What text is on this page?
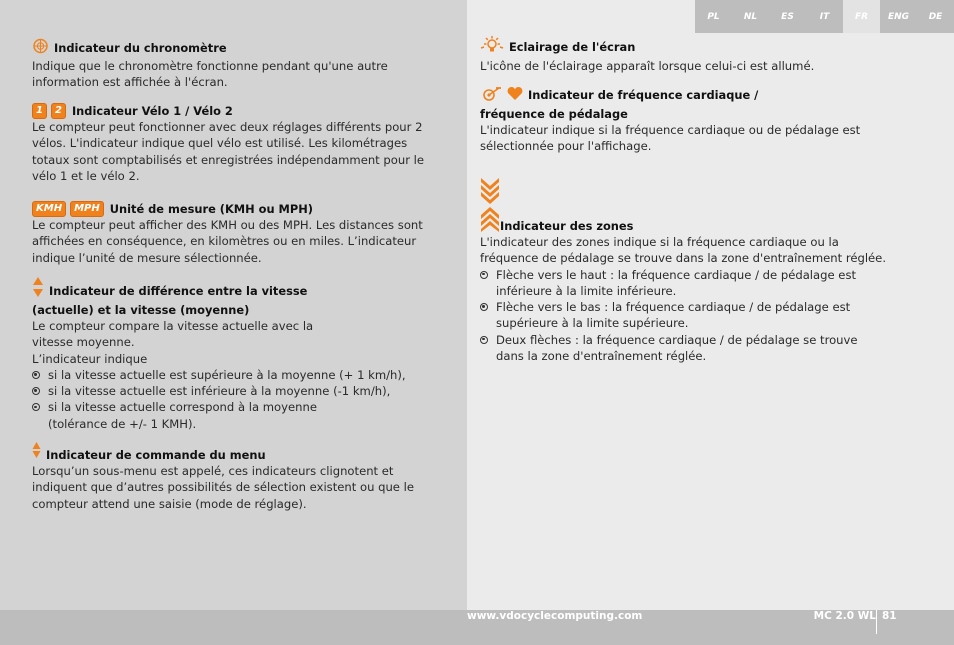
PL	NL	ES	IT	FR	ENG	DE
Indicateur du chronomètre
Indique que le chronomètre fonctionne pendant qu'une autre information est affichée à l'écran.
1	2 Indicateur Vélo 1 / Vélo 2
Le compteur peut fonctionner avec deux réglages différents pour 2 vélos. L'indicateur indique quel vélo est utilisé. Les kilométrages totaux sont comptabilisés et enregistrées indépendamment pour le vélo 1 et le vélo 2.
KMH	MPH Unité de mesure (KMH ou MPH)
Le compteur peut afficher des KMH ou des MPH. Les distances sont affichées en conséquence, en kilomètres ou en miles. L’indicateur indique l’unité de mesure sélectionnée.
Indicateur de différence entre la vitesse
(actuelle) et la vitesse (moyenne)
Le compteur compare la vitesse actuelle avec la
vitesse moyenne.
L’indicateur indique
si la vitesse actuelle est supérieure à la moyenne (+ 1 km/h),
si la vitesse actuelle est inférieure à la moyenne (-1 km/h),
si la vitesse actuelle correspond à la moyenne (tolérance de +/- 1 KMH).
Indicateur de commande du menu
Lorsqu’un sous-menu est appelé, ces indicateurs clignotent et indiquent que d’autres possibilités de sélection existent ou que le compteur attend une saisie (mode de réglage).
Eclairage de l'écran
L'icône de l'éclairage apparaît lorsque celui-ci est allumé.
Indicateur de fréquence cardiaque /
fréquence de pédalage
L'indicateur indique si la fréquence cardiaque ou de pédalage est sélectionnée pour l'affichage.
Indicateur des zones
L'indicateur des zones indique si la fréquence cardiaque ou la fréquence de pédalage se trouve dans la zone d'entraînement réglée.
Flèche vers le haut : la fréquence cardiaque / de pédalage est inférieure à la limite inférieure.
Flèche vers le bas : la fréquence cardiaque / de pédalage est supérieure à la limite supérieure.
Deux flèches : la fréquence cardiaque / de pédalage se trouve dans la zone d'entraînement réglée.
www.vdocyclecomputing.com	MC 2.0 WL 81
